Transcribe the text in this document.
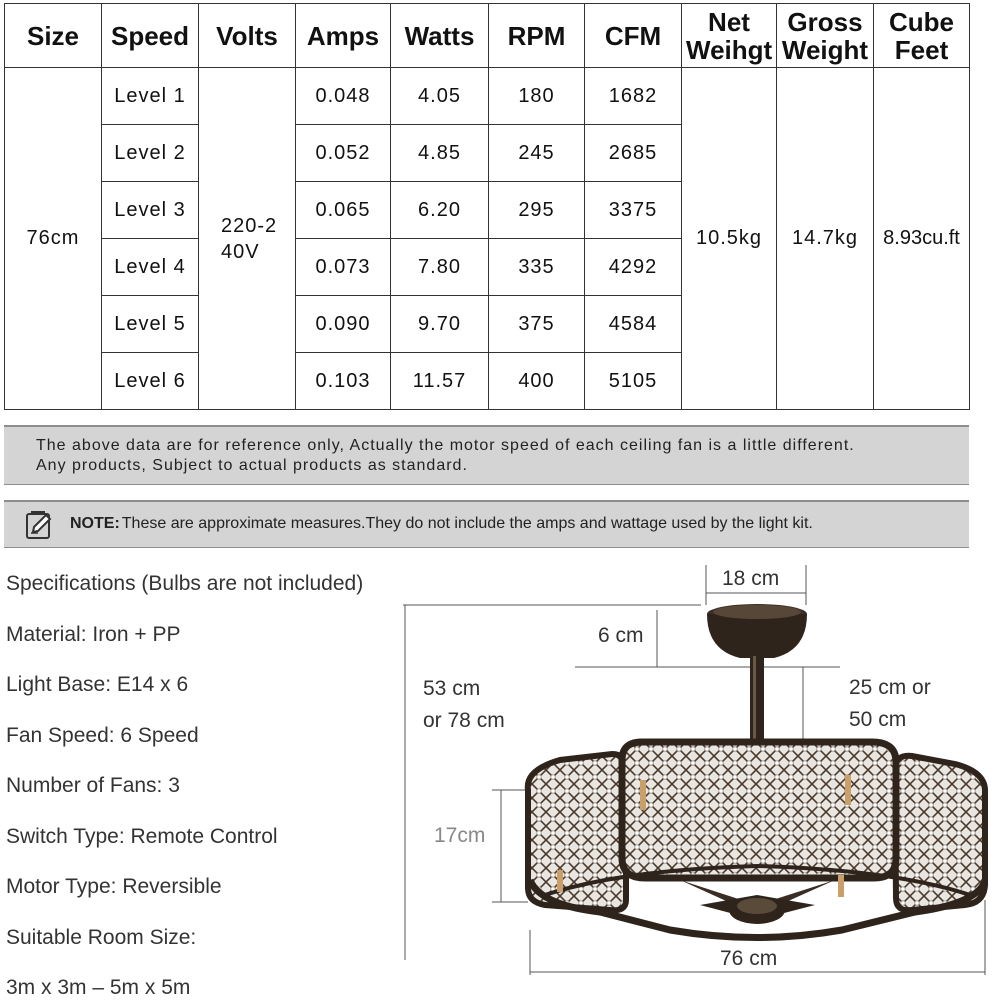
Size	Speed	Volts	Amps	Watts	RPM	CFM	Net Weihgt	Gross Weight	Cube Feet
76cm	Level 1	220-240V	0.048	4.05	180	1682	10.5kg	14.7kg	8.93cu.ft
	Level 2		0.052	4.85	245	2685			
	Level 3		0.065	6.20	295	3375			
	Level 4		0.073	7.80	335	4292			
	Level 5		0.090	9.70	375	4584			
	Level 6		0.103	11.57	400	5105			
The above data are for reference only, Actually the motor speed of each ceiling fan is a little different.
Any products, Subject to actual products as standard.
NOTE: These are approximate measures.They do not include the amps and wattage used by the light kit.
Specifications (Bulbs are not included)
Material: Iron + PP
Light Base: E14 x 6
Fan Speed: 6 Speed
Number of Fans: 3
Switch Type: Remote Control
Motor Type: Reversible
Suitable Room Size:
3m x 3m – 5m x 5m
18 cm
6 cm
53 cm
or 78 cm
25 cm or
50 cm
17cm
76 cm
